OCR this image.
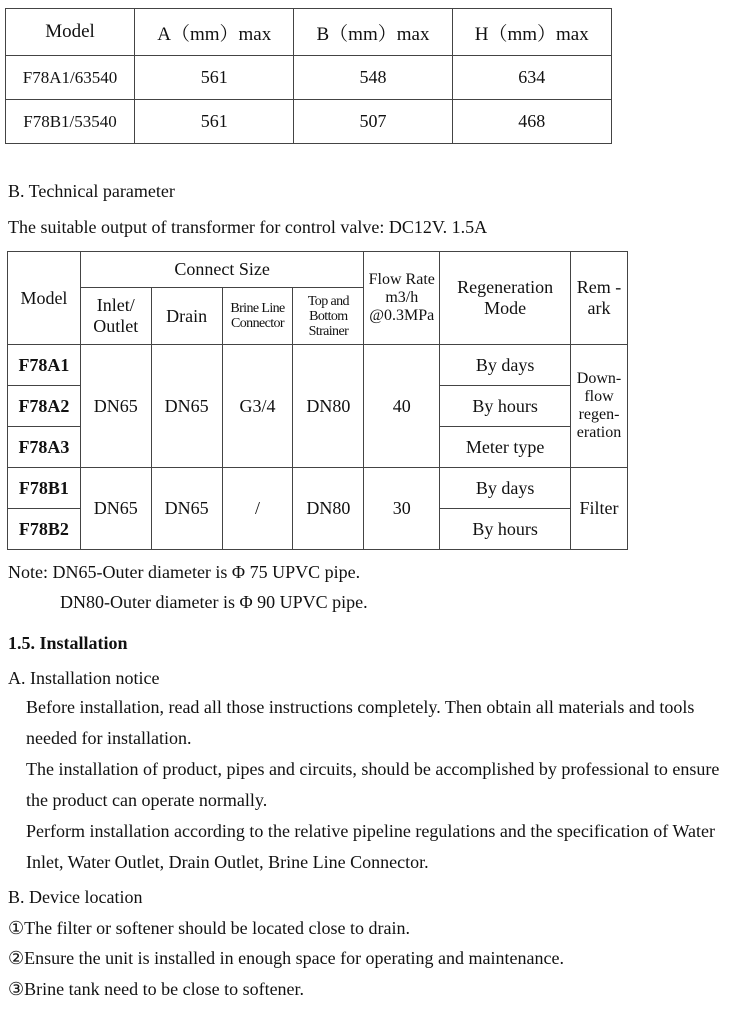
Model	A（mm）max	B（mm）max	H（mm）max
F78A1/63540	561	548	634
F78B1/53540	561	507	468
B. Technical parameter
The suitable output of transformer for control valve: DC12V. 1.5A
Model	Connect Size				Flow Rate m3/h @0.3MPa	Regeneration Mode	Rem -ark
	Inlet/ Outlet	Drain	Brine Line Connector	Top and Bottom Strainer			
F78A1	DN65	DN65	G3/4	DN80	40	By days	Down- flow regen- eration
F78A2						By hours	
F78A3						Meter type	
F78B1	DN65	DN65	/	DN80	30	By days	Filter
F78B2						By hours	
Note: DN65-Outer diameter is Φ 75 UPVC pipe.
DN80-Outer diameter is Φ 90 UPVC pipe.
1.5. Installation
A. Installation notice
Before installation, read all those instructions completely. Then obtain all materials and tools needed for installation.
The installation of product, pipes and circuits, should be accomplished by professional to ensure the product can operate normally.
Perform installation according to the relative pipeline regulations and the specification of Water Inlet, Water Outlet, Drain Outlet, Brine Line Connector.
B. Device location
①The filter or softener should be located close to drain.
②Ensure the unit is installed in enough space for operating and maintenance.
③Brine tank need to be close to softener.
